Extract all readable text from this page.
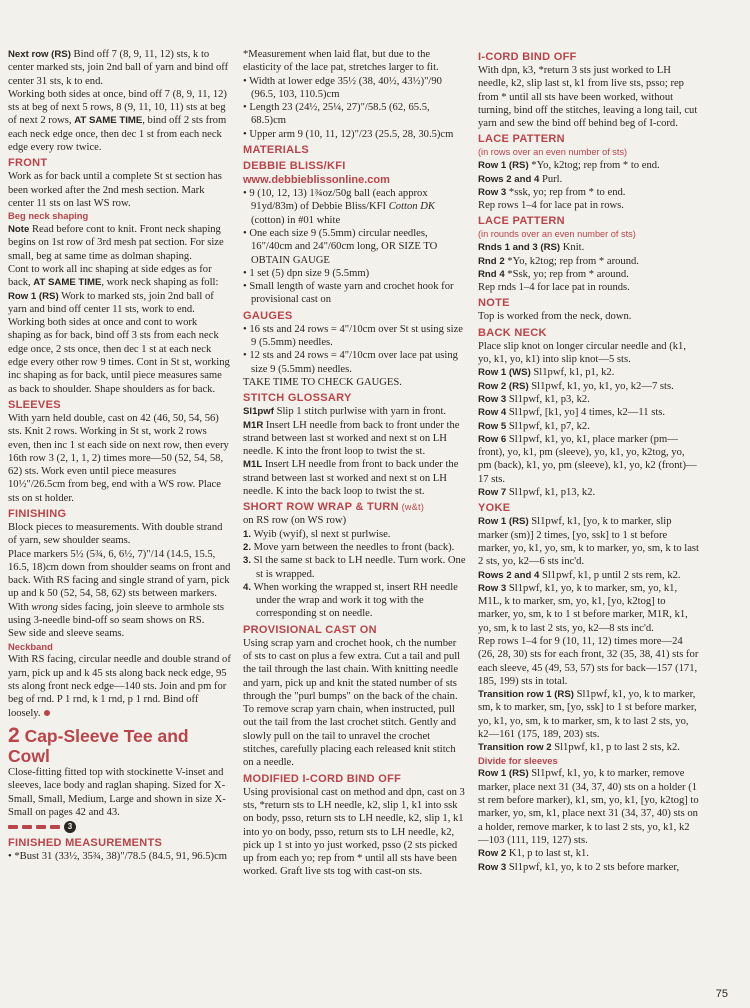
Next row (RS) Bind off 7 (8, 9, 11, 12) sts, k to center marked sts, join 2nd ball of yarn and bind off center 31 sts, k to end.

Working both sides at once, bind off 7 (8, 9, 11, 12) sts at beg of next 5 rows, 8 (9, 11, 10, 11) sts at beg of next 2 rows, AT SAME TIME, bind off 2 sts from each neck edge once, then dec 1 st from each neck edge every row twice.

FRONT

Work as for back until a complete St st section has been worked after the 2nd mesh section. Mark center 11 sts on last WS row.

Beg neck shaping

Note Read before cont to knit. Front neck shaping begins on 1st row of 3rd mesh pat section. For size small, beg at same time as dolman shaping.

Cont to work all inc shaping at side edges as for back, AT SAME TIME, work neck shaping as foll:

Row 1 (RS) Work to marked sts, join 2nd ball of yarn and bind off center 11 sts, work to end.

Working both sides at once and cont to work shaping as for back, bind off 3 sts from each neck edge once, 2 sts once, then dec 1 st at each neck edge every other row 9 times. Cont in St st, working inc shaping as for back, until piece measures same as back to shoulder. Shape shoulders as for back.

SLEEVES

With yarn held double, cast on 42 (46, 50, 54, 56) sts. Knit 2 rows. Working in St st, work 2 rows even, then inc 1 st each side on next row, then every 16th row 3 (2, 1, 1, 2) times more—50 (52, 54, 58, 62) sts. Work even until piece measures 10½"/26.5cm from beg, end with a WS row. Place sts on st holder.

FINISHING

Block pieces to measurements. With double strand of yarn, sew shoulder seams.

Place markers 5½ (5¾, 6, 6½, 7)"/14 (14.5, 15.5, 16.5, 18)cm down from shoulder seams on front and back. With RS facing and single strand of yarn, pick up and k 50 (52, 54, 58, 62) sts between markers. With wrong sides facing, join sleeve to armhole sts using 3-needle bind-off so seam shows on RS.

Sew side and sleeve seams.

Neckband

With RS facing, circular needle and double strand of yarn, pick up and k 45 sts along back neck edge, 95 sts along front neck edge—140 sts. Join and pm for beg of rnd. P 1 rnd, k 1 rnd, p 1 rnd. Bind off loosely.

2 Cap-Sleeve Tee and Cowl

Close-fitting fitted top with stockinette V-inset and sleeves, lace body and raglan shaping. Sized for X-Small, Small, Medium, Large and shown in size X-Small on pages 42 and 43.

3
FINISHED MEASUREMENTS
• *Bust 31 (33½, 35¾, 38)"/78.5 (84.5, 91, 96.5)cm

*Measurement when laid flat, but due to the elasticity of the lace pat, stretches larger to fit.

• Width at lower edge 35½ (38, 40½, 43½)"/90 (96.5, 103, 110.5)cm
• Length 23 (24½, 25¼, 27)"/58.5 (62, 65.5, 68.5)cm
• Upper arm 9 (10, 11, 12)"/23 (25.5, 28, 30.5)cm
MATERIALS
DEBBIE BLISS/KFI
www.debbieblissonline.com
• 9 (10, 12, 13) 1¾oz/50g ball (each approx 91yd/83m) of Debbie Bliss/KFI Cotton DK (cotton) in #01 white
• One each size 9 (5.5mm) circular needles, 16"/40cm and 24"/60cm long, OR SIZE TO OBTAIN GAUGE
• 1 set (5) dpn size 9 (5.5mm)
• Small length of waste yarn and crochet hook for provisional cast on
GAUGES
• 16 sts and 24 rows = 4"/10cm over St st using size 9 (5.5mm) needles.
• 12 sts and 24 rows = 4"/10cm over lace pat using size 9 (5.5mm) needles.

TAKE TIME TO CHECK GAUGES.

STITCH GLOSSARY

Sl1pwf Slip 1 stitch purlwise with yarn in front.

M1R Insert LH needle from back to front under the strand between last st worked and next st on LH needle. K into the front loop to twist the st.

M1L Insert LH needle from front to back under the strand between last st worked and next st on LH needle. K into the back loop to twist the st.

SHORT ROW WRAP & TURN (w&t)

on RS row (on WS row)

1. Wyib (wyif), sl next st purlwise.
2. Move yarn between the needles to front (back).
3. Sl the same st back to LH needle. Turn work. One st is wrapped.
4. When working the wrapped st, insert RH needle under the wrap and work it tog with the corresponding st on needle.
PROVISIONAL CAST ON

Using scrap yarn and crochet hook, ch the number of sts to cast on plus a few extra. Cut a tail and pull the tail through the last chain. With knitting needle and yarn, pick up and knit the stated number of sts through the "purl bumps" on the back of the chain. To remove scrap yarn chain, when instructed, pull out the tail from the last crochet stitch. Gently and slowly pull on the tail to unravel the crochet stitches, carefully placing each released knit stitch on a needle.

MODIFIED I-CORD BIND OFF

Using provisional cast on method and dpn, cast on 3 sts, *return sts to LH needle, k2, slip 1, k1 into ssk on body, psso, return sts to LH needle, k2, slip 1, k1 into yo on body, psso, return sts to LH needle, k2, pick up 1 st into yo just worked, psso (2 sts picked up from each yo; rep from * until all sts have been worked. Graft live sts tog with cast-on sts.

I-CORD BIND OFF

With dpn, k3, *return 3 sts just worked to LH needle, k2, slip last st, k1 from live sts, psso; rep from * until all sts have been worked, without turning, bind off the stitches, leaving a long tail, cut yarn and sew the bind off behind beg of I-cord.

LACE PATTERN
(in rows over an even number of sts)

Row 1 (RS) *Yo, k2tog; rep from * to end.

Rows 2 and 4 Purl.

Row 3 *ssk, yo; rep from * to end.

Rep rows 1–4 for lace pat in rows.

LACE PATTERN
(in rounds over an even number of sts)

Rnds 1 and 3 (RS) Knit.

Rnd 2 *Yo, k2tog; rep from * around.

Rnd 4 *Ssk, yo; rep from * around.

Rep rnds 1–4 for lace pat in rounds.

NOTE

Top is worked from the neck, down.

BACK NECK

Place slip knot on longer circular needle and (k1, yo, k1, yo, k1) into slip knot—5 sts.

Row 1 (WS) Sl1pwf, k1, p1, k2.

Row 2 (RS) Sl1pwf, k1, yo, k1, yo, k2—7 sts.

Row 3 Sl1pwf, k1, p3, k2.

Row 4 Sl1pwf, [k1, yo] 4 times, k2—11 sts.

Row 5 Sl1pwf, k1, p7, k2.

Row 6 Sl1pwf, k1, yo, k1, place marker (pm—front), yo, k1, pm (sleeve), yo, k1, yo, k2tog, yo, pm (back), k1, yo, pm (sleeve), k1, yo, k2 (front)—17 sts.

Row 7 Sl1pwf, k1, p13, k2.

YOKE

Row 1 (RS) Sl1pwf, k1, [yo, k to marker, slip marker (sm)] 2 times, [yo, ssk] to 1 st before marker, yo, k1, yo, sm, k to marker, yo, sm, k to last 2 sts, yo, k2—6 sts inc'd.

Rows 2 and 4 Sl1pwf, k1, p until 2 sts rem, k2.

Row 3 Sl1pwf, k1, yo, k to marker, sm, yo, k1, M1L, k to marker, sm, yo, k1, [yo, k2tog] to marker, yo, sm, k to 1 st before marker, M1R, k1, yo, sm, k to last 2 sts, yo, k2—8 sts inc'd.

Rep rows 1–4 for 9 (10, 11, 12) times more—24 (26, 28, 30) sts for each front, 32 (35, 38, 41) sts for each sleeve, 45 (49, 53, 57) sts for back—157 (171, 185, 199) sts in total.

Transition row 1 (RS) Sl1pwf, k1, yo, k to marker, sm, k to marker, sm, [yo, ssk] to 1 st before marker, yo, k1, yo, sm, k to marker, sm, k to last 2 sts, yo, k2—161 (175, 189, 203) sts.

Transition row 2 Sl1pwf, k1, p to last 2 sts, k2.

Divide for sleeves

Row 1 (RS) Sl1pwf, k1, yo, k to marker, remove marker, place next 31 (34, 37, 40) sts on a holder (1 st rem before marker), k1, sm, yo, k1, [yo, k2tog] to marker, yo, sm, k1, place next 31 (34, 37, 40) sts on a holder, remove marker, k to last 2 sts, yo, k1, k2—103 (111, 119, 127) sts.

Row 2 K1, p to last st, k1.

Row 3 Sl1pwf, k1, yo, k to 2 sts before marker,

75
